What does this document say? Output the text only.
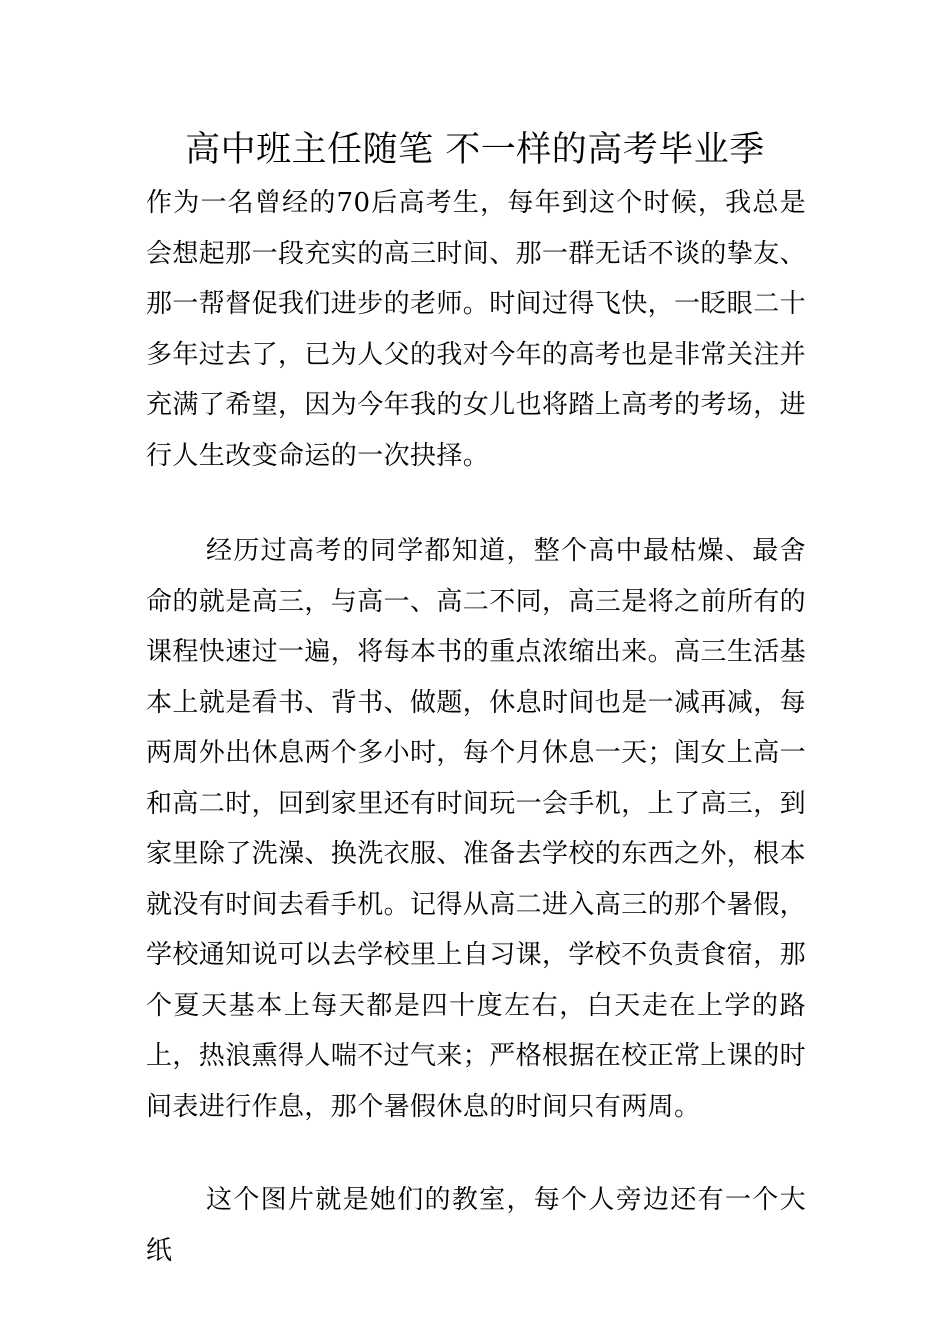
高中班主任随笔 不一样的高考毕业季

作为一名曾经的70后高考生，每年到这个时候，我总是会想起那一段充实的高三时间、那一群无话不谈的挚友、那一帮督促我们进步的老师。时间过得飞快，一眨眼二十多年过去了，已为人父的我对今年的高考也是非常关注并充满了希望，因为今年我的女儿也将踏上高考的考场，进行人生改变命运的一次抉择。

经历过高考的同学都知道，整个高中最枯燥、最舍命的就是高三，与高一、高二不同，高三是将之前所有的课程快速过一遍，将每本书的重点浓缩出来。高三生活基本上就是看书、背书、做题，休息时间也是一减再减，每两周外出休息两个多小时，每个月休息一天；闺女上高一和高二时，回到家里还有时间玩一会手机，上了高三，到家里除了洗澡、换洗衣服、准备去学校的东西之外，根本就没有时间去看手机。记得从高二进入高三的那个暑假，学校通知说可以去学校里上自习课，学校不负责食宿，那个夏天基本上每天都是四十度左右，白天走在上学的路上，热浪熏得人喘不过气来；严格根据在校正常上课的时间表进行作息，那个暑假休息的时间只有两周。

这个图片就是她们的教室，每个人旁边还有一个大纸
